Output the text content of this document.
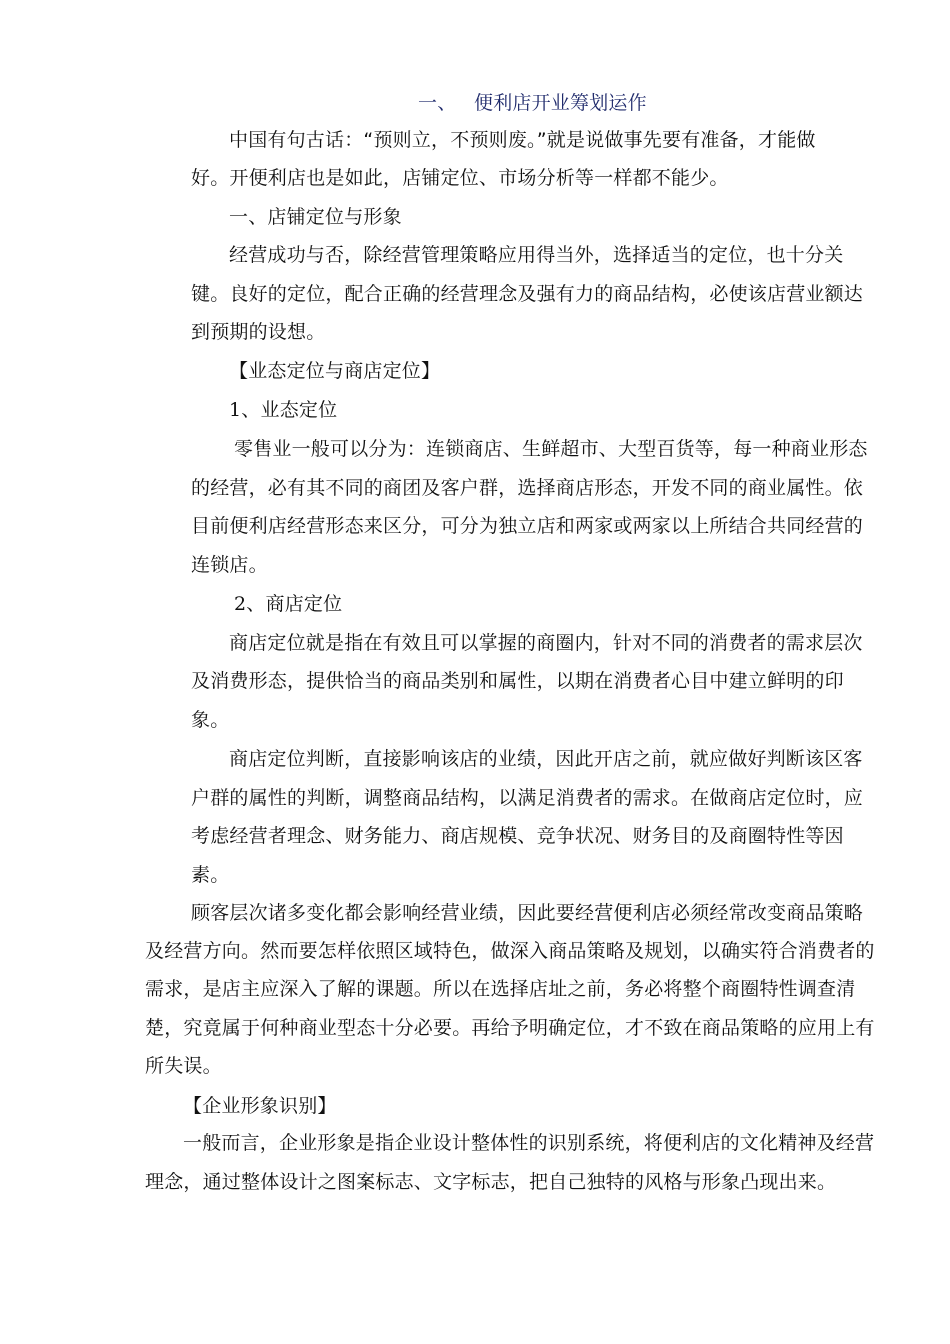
一、 便利店开业筹划运作
中国有句古话：“预则立，不预则废。”就是说做事先要有准备，才能做
好。开便利店也是如此，店铺定位、市场分析等一样都不能少。
一、店铺定位与形象
经营成功与否，除经营管理策略应用得当外，选择适当的定位，也十分关
键。良好的定位，配合正确的经营理念及强有力的商品结构，必使该店营业额达
到预期的设想。
【业态定位与商店定位】
1、业态定位
零售业一般可以分为：连锁商店、生鲜超市、大型百货等，每一种商业形态
的经营，必有其不同的商团及客户群，选择商店形态，开发不同的商业属性。依
目前便利店经营形态来区分，可分为独立店和两家或两家以上所结合共同经营的
连锁店。
2、商店定位
商店定位就是指在有效且可以掌握的商圈内，针对不同的消费者的需求层次
及消费形态，提供恰当的商品类别和属性，以期在消费者心目中建立鲜明的印
象。
商店定位判断，直接影响该店的业绩，因此开店之前，就应做好判断该区客
户群的属性的判断，调整商品结构，以满足消费者的需求。在做商店定位时，应
考虑经营者理念、财务能力、商店规模、竞争状况、财务目的及商圈特性等因
素。
顾客层次诸多变化都会影响经营业绩，因此要经营便利店必须经常改变商品策略
及经营方向。然而要怎样依照区域特色，做深入商品策略及规划，以确实符合消费者的
需求，是店主应深入了解的课题。所以在选择店址之前，务必将整个商圈特性调查清
楚，究竟属于何种商业型态十分必要。再给予明确定位，才不致在商品策略的应用上有
所失误。
【企业形象识别】
一般而言，企业形象是指企业设计整体性的识别系统，将便利店的文化精神及经营
理念，通过整体设计之图案标志、文字标志，把自己独特的风格与形象凸现出来。
